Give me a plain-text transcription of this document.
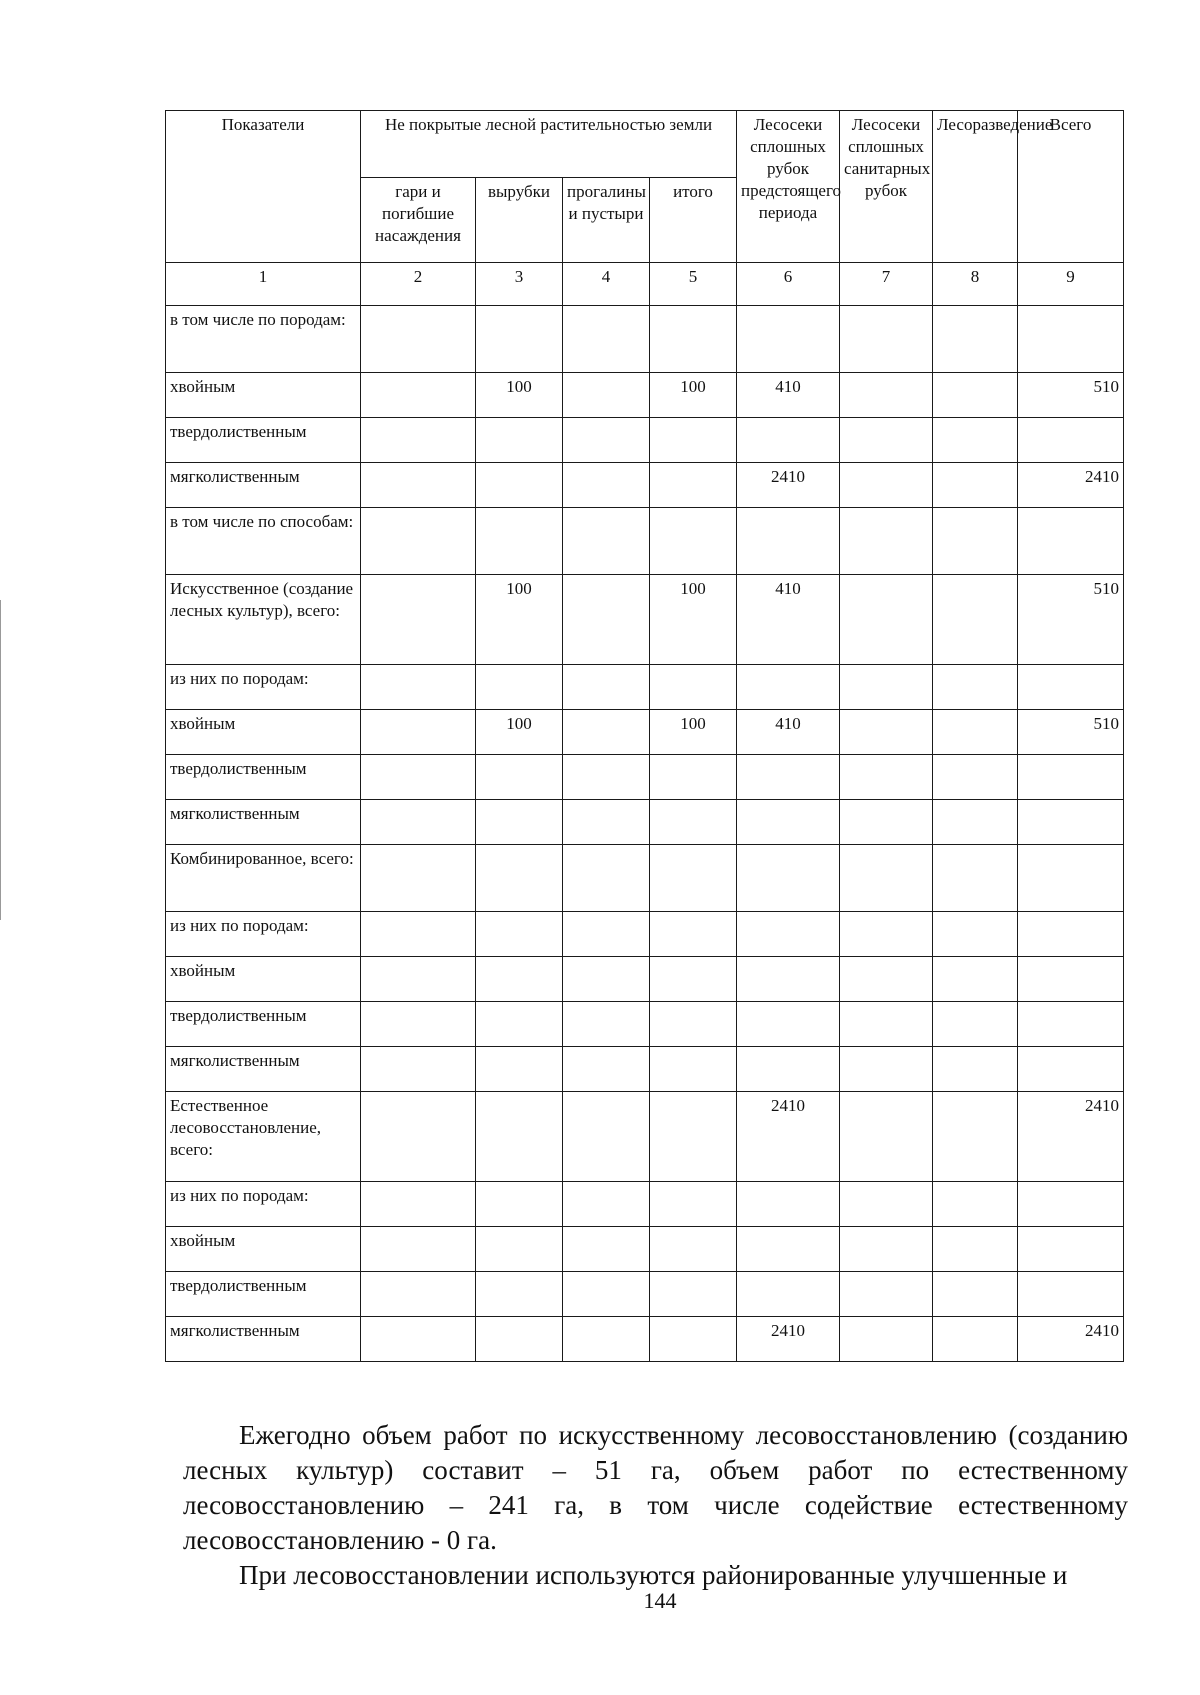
Показатели	Не покрытые лесной растительностью земли				Лесосеки сплошных рубок предстоящего периода	Лесосеки сплошных санитарных рубок	Лесоразведение	Всего
	гари и погибшие насаждения	вырубки	прогалины и пустыри	итого				
1	2	3	4	5	6	7	8	9
в том числе по породам:								
хвойным		100		100	410			510
твердолиственным								
мягколиственным					2410			2410
в том числе по способам:								
Искусственное (создание лесных культур), всего:		100		100	410			510
из них по породам:								
хвойным		100		100	410			510
твердолиственным								
мягколиственным								
Комбинированное, всего:								
из них по породам:								
хвойным								
твердолиственным								
мягколиственным								
Естественное лесовосстановление, всего:					2410			2410
из них по породам:								
хвойным								
твердолиственным								
мягколиственным					2410			2410

Ежегодно объем работ по искусственному лесовосстановлению (созданию лесных культур) составит – 51 га, объем работ по естественному лесовосстановлению – 241 га, в том числе содействие естественному лесовосстановлению - 0 га.

При лесовосстановлении используются районированные улучшенные и

144
